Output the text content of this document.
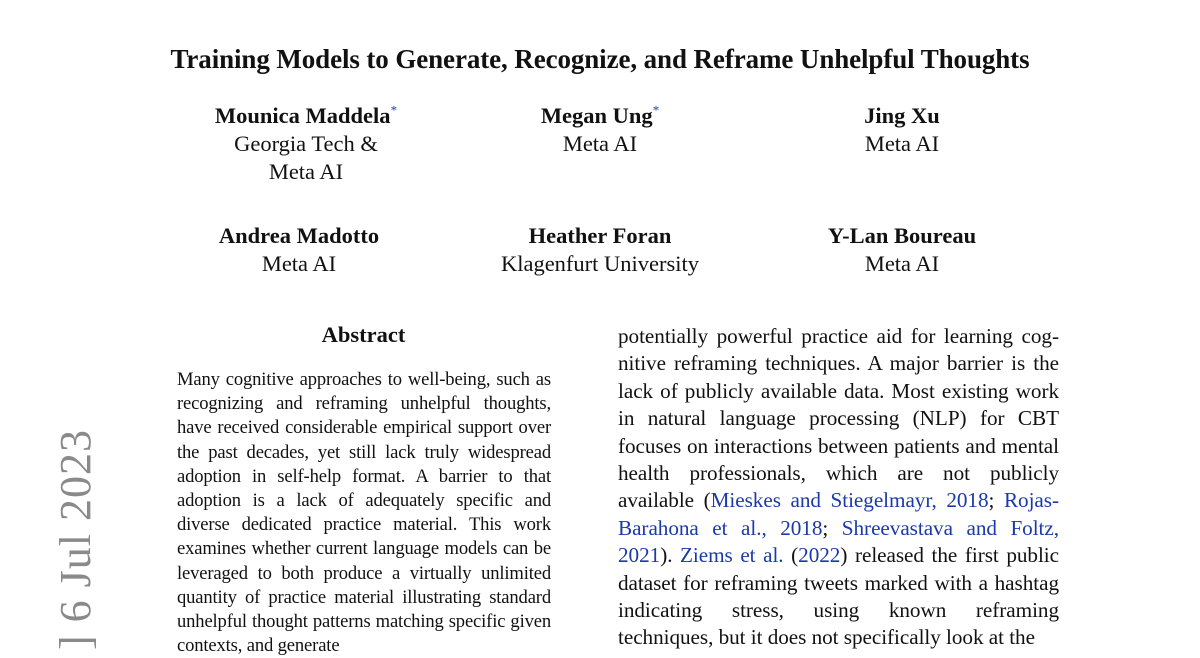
Training Models to Generate, Recognize, and Reframe Unhelpful Thoughts
Mounica Maddela*
Georgia Tech &
Meta AI
Megan Ung*
Meta AI
Jing Xu
Meta AI
Andrea Madotto
Meta AI
Heather Foran
Klagenfurt University
Y-Lan Boureau
Meta AI
Abstract

Many cognitive approaches to well-being, such as recognizing and reframing unhelpful thoughts, have received considerable empirical support over the past decades, yet still lack truly widespread adoption in self-help format. A barrier to that adoption is a lack of adequately specific and diverse dedicated practice material. This work examines whether current language models can be leveraged to both produce a virtually unlimited quantity of practice material illustrating standard unhelpful thought patterns matching specific given contexts, and generate

potentially powerful practice aid for learning cognitive reframing techniques. A major barrier is the lack of publicly available data. Most existing work in natural language processing (NLP) for CBT focuses on interactions between patients and mental health professionals, which are not publicly available (Mieskes and Stiegelmayr, 2018; Rojas-Barahona et al., 2018; Shreevastava and Foltz, 2021). Ziems et al. (2022) released the first public dataset for reframing tweets marked with a hashtag indicating stress, using known reframing techniques, but it does not specifically look at the

] 6 Jul 2023
